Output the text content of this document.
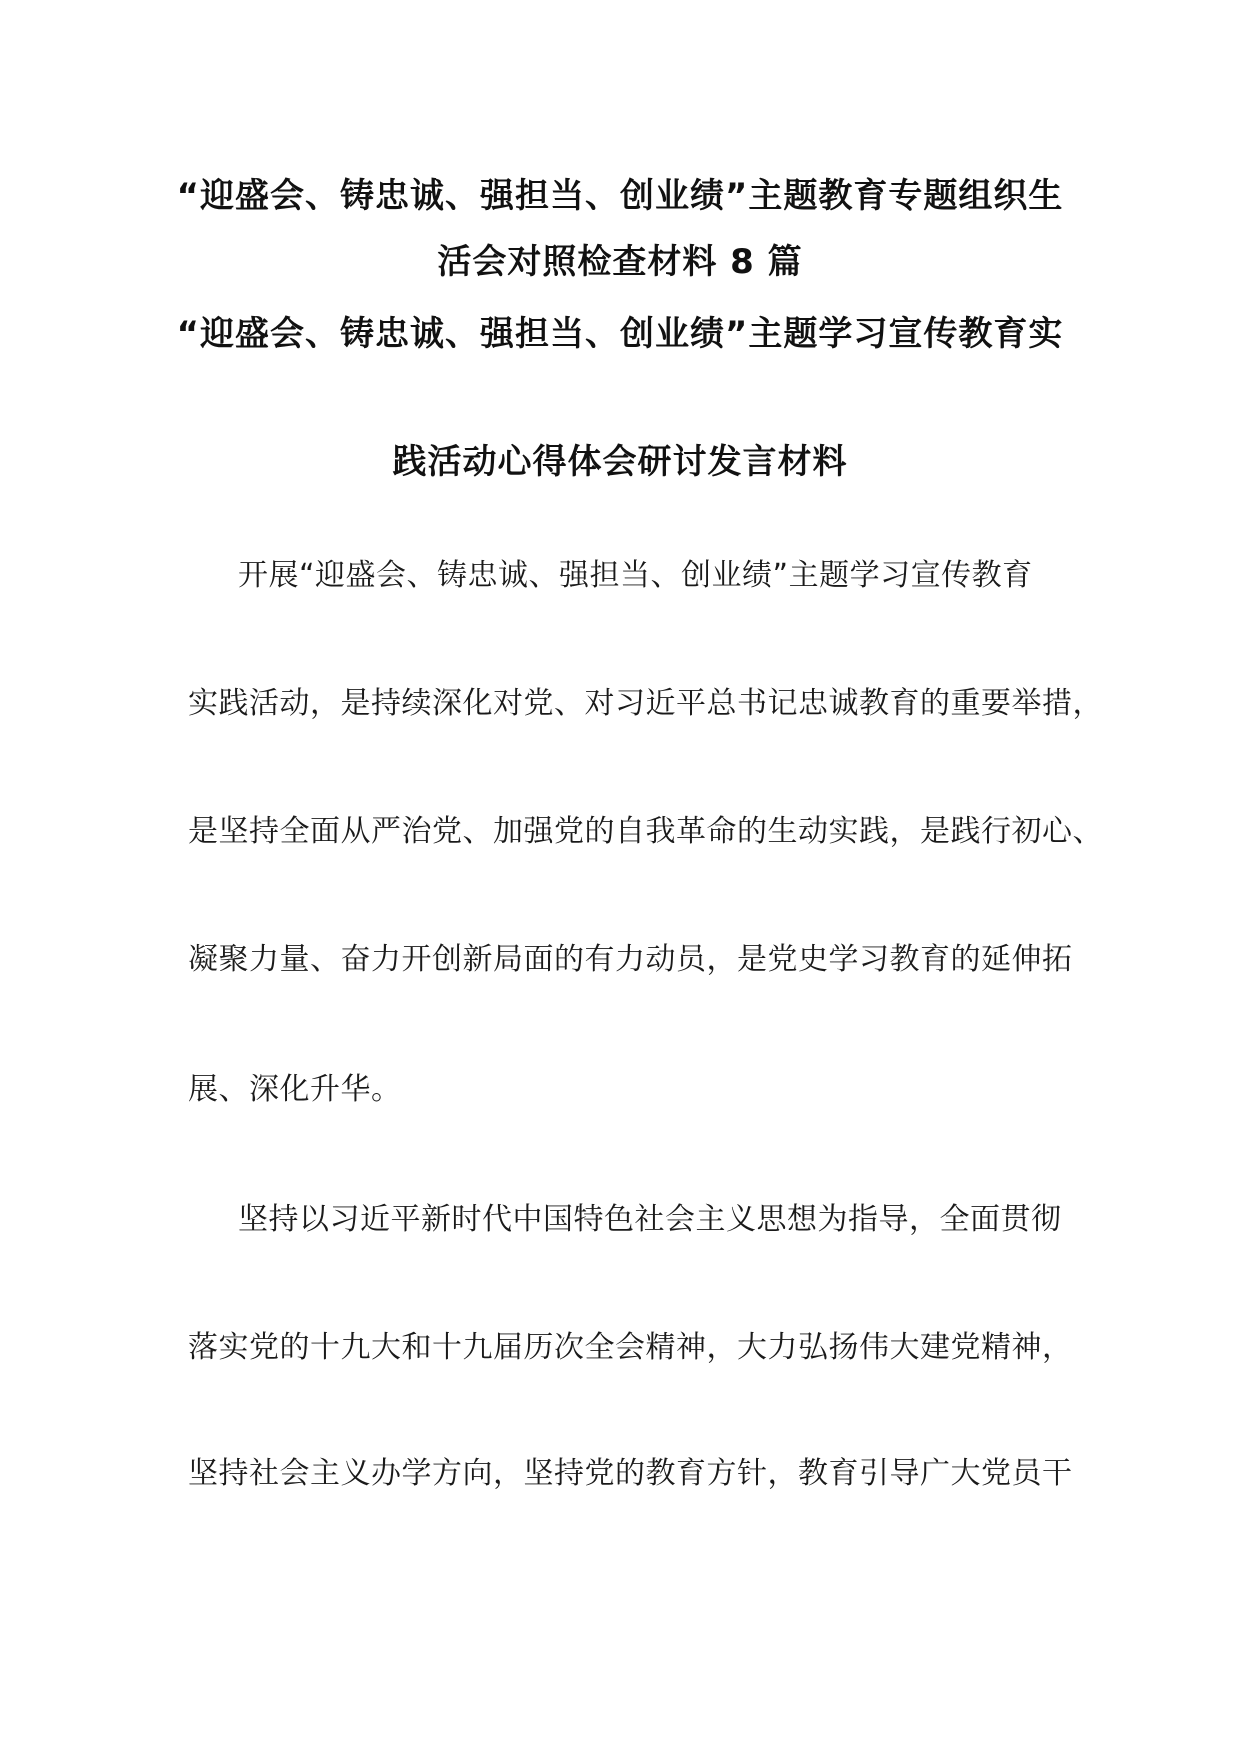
“迎盛会、铸忠诚、强担当、创业绩”主题教育专题组织生
活会对照检查材料 8 篇
“迎盛会、铸忠诚、强担当、创业绩”主题学习宣传教育实
践活动心得体会研讨发言材料

开展“迎盛会、铸忠诚、强担当、创业绩”主题学习宣传教育

实践活动，是持续深化对党、对习近平总书记忠诚教育的重要举措，

是坚持全面从严治党、加强党的自我革命的生动实践，是践行初心、

凝聚力量、奋力开创新局面的有力动员，是党史学习教育的延伸拓

展、深化升华。

坚持以习近平新时代中国特色社会主义思想为指导，全面贯彻

落实党的十九大和十九届历次全会精神，大力弘扬伟大建党精神，

坚持社会主义办学方向，坚持党的教育方针，教育引导广大党员干
